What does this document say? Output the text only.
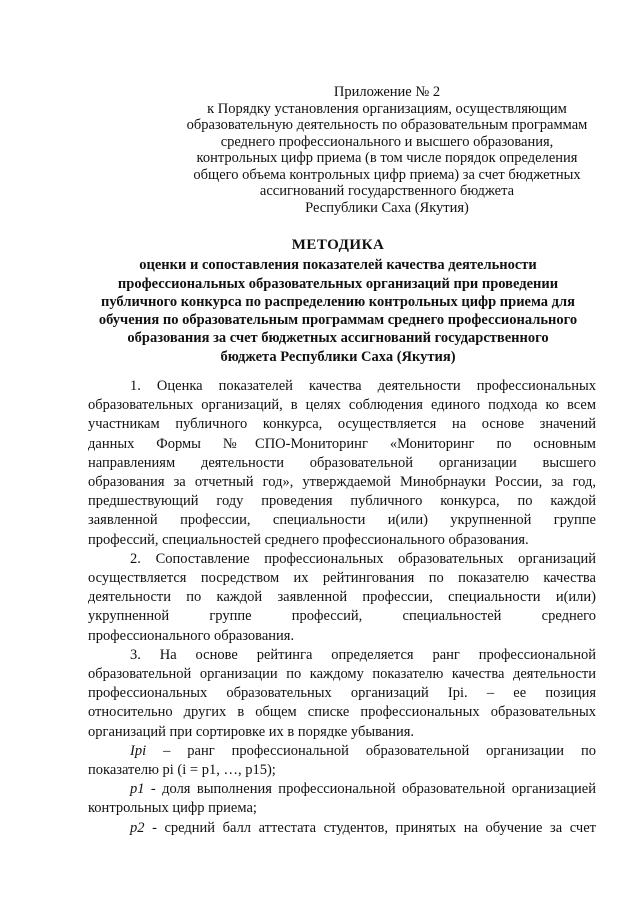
Приложение № 2
к Порядку установления организациям, осуществляющим
образовательную деятельность по образовательным программам
среднего профессионального и высшего образования,
контрольных цифр приема (в том числе порядок определения
общего объема контрольных цифр приема) за счет бюджетных
ассигнований государственного бюджета
Республики Саха (Якутия)
МЕТОДИКА
оценки и сопоставления показателей качества деятельности
профессиональных образовательных организаций при проведении
публичного конкурса по распределению контрольных цифр приема для
обучения по образовательным программам среднего профессионального
образования за счет бюджетных ассигнований государственного
бюджета Республики Саха (Якутия)
1. Оценка показателей качества деятельности профессиональных
образовательных организаций, в целях соблюдения единого подхода ко всем
участникам публичного конкурса, осуществляется на основе значений
данных Формы №СПО-Мониторинг «Мониторинг по основным
направлениям деятельности образовательной организации высшего
образования за отчетный год», утверждаемой Минобрнауки России, за год,
предшествующий году проведения публичного конкурса, по каждой
заявленной профессии, специальности и(или) укрупненной группе
профессий, специальностей среднего профессионального образования.
2. Сопоставление профессиональных образовательных организаций
осуществляется посредством их рейтингования по показателю качества
деятельности по каждой заявленной профессии, специальности и(или)
укрупненной группе профессий, специальностей среднего
профессионального образования.
3. На основе рейтинга определяется ранг профессиональной
образовательной организации по каждому показателю качества деятельности
профессиональных образовательных организаций Ipi. – ее позиция
относительно других в общем списке профессиональных образовательных
организаций при сортировке их в порядке убывания.
Ipi – ранг профессиональной образовательной организации по
показателю pi (i = p1, …, p15);
p1 - доля выполнения профессиональной образовательной организацией
контрольных цифр приема;
p2 - средний балл аттестата студентов, принятых на обучение за счет
